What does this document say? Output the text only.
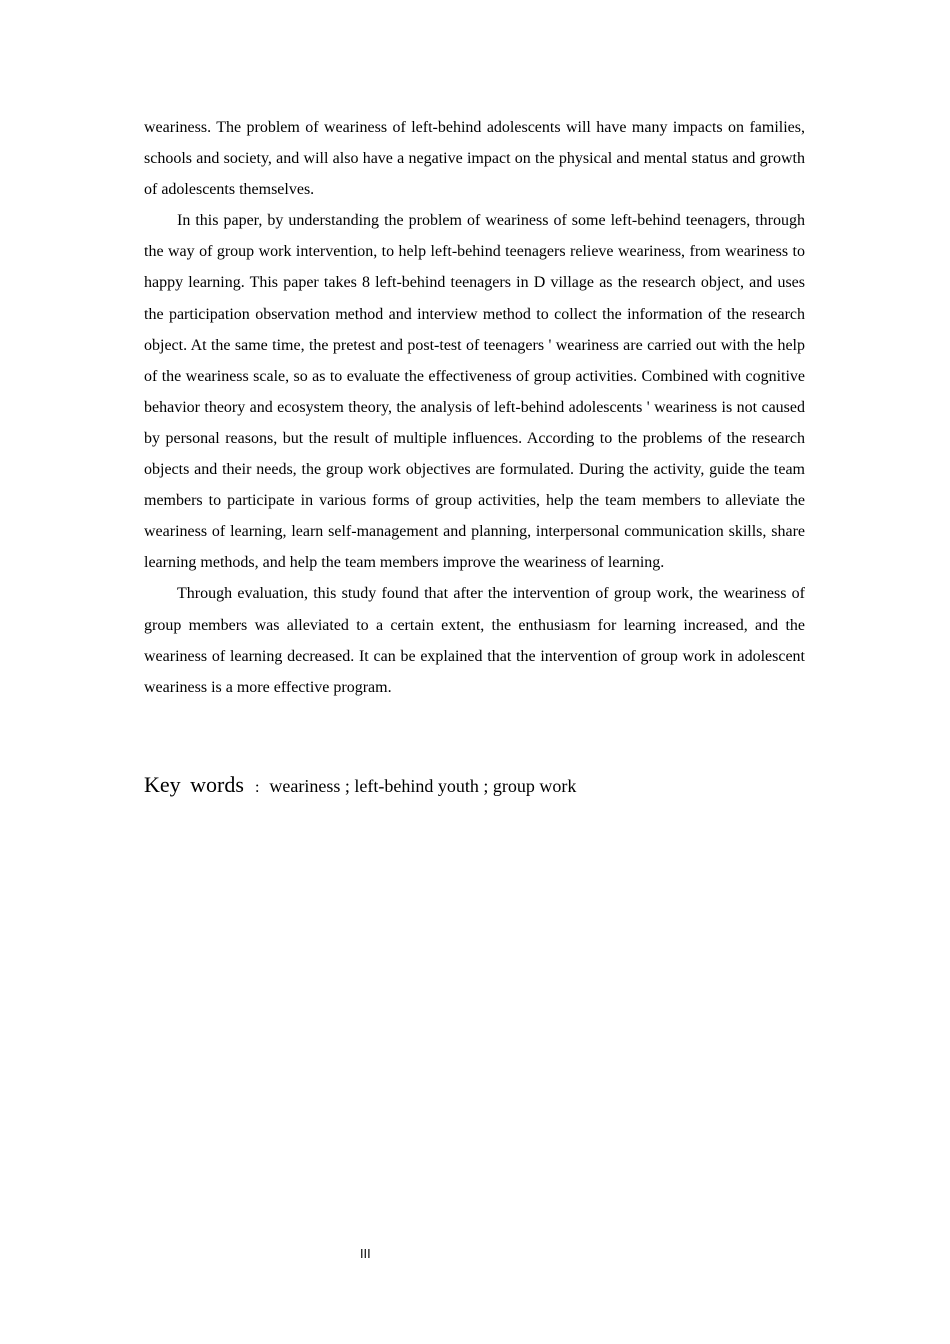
weariness. The problem of weariness of left-behind adolescents will have many impacts on families, schools and society, and will also have a negative impact on the physical and mental status and growth of adolescents themselves.

In this paper, by understanding the problem of weariness of some left-behind teenagers, through the way of group work intervention, to help left-behind teenagers relieve weariness, from weariness to happy learning. This paper takes 8 left-behind teenagers in D village as the research object, and uses the participation observation method and interview method to collect the information of the research object. At the same time, the pretest and post-test of teenagers ' weariness are carried out with the help of the weariness scale, so as to evaluate the effectiveness of group activities. Combined with cognitive behavior theory and ecosystem theory, the analysis of left-behind adolescents ' weariness is not caused by personal reasons, but the result of multiple influences. According to the problems of the research objects and their needs, the group work objectives are formulated. During the activity, guide the team members to participate in various forms of group activities, help the team members to alleviate the weariness of learning, learn self-management and planning, interpersonal communication skills, share learning methods, and help the team members improve the weariness of learning.

Through evaluation, this study found that after the intervention of group work, the weariness of group members was alleviated to a certain extent, the enthusiasm for learning increased, and the weariness of learning decreased. It can be explained that the intervention of group work in adolescent weariness is a more effective program.

Key words : weariness ; left-behind youth ; group work
III
